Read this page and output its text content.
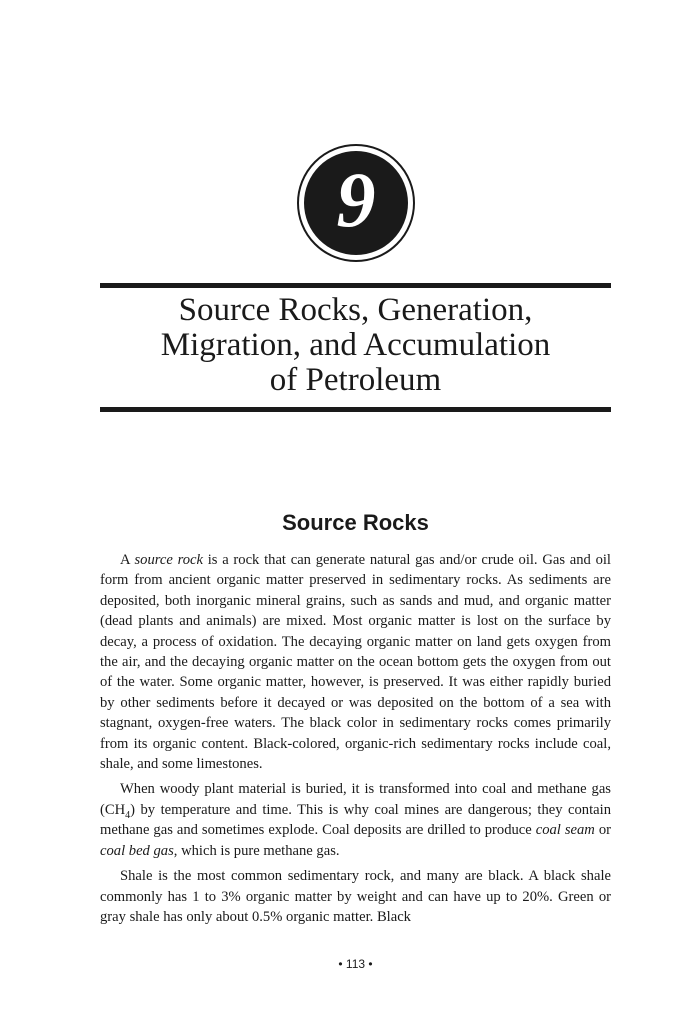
9
Source Rocks, Generation,
Migration, and Accumulation
of Petroleum
Source Rocks

A source rock is a rock that can generate natural gas and/or crude oil. Gas and oil form from ancient organic matter preserved in sedimentary rocks. As sediments are deposited, both inorganic mineral grains, such as sands and mud, and organic matter (dead plants and animals) are mixed. Most organic matter is lost on the surface by decay, a process of oxidation. The decaying organic matter on land gets oxygen from the air, and the decaying organic matter on the ocean bottom gets the oxygen from out of the water. Some organic matter, however, is preserved. It was either rapidly buried by other sediments before it decayed or was deposited on the bottom of a sea with stagnant, oxygen-free waters. The black color in sedimentary rocks comes primarily from its organic content. Black-colored, organic-rich sedimentary rocks include coal, shale, and some limestones.

When woody plant material is buried, it is transformed into coal and methane gas $(CH_4)$ by temperature and time. This is why coal mines are dangerous; they contain methane gas and sometimes explode. Coal deposits are drilled to produce coal seam or coal bed gas, which is pure methane gas.

Shale is the most common sedimentary rock, and many are black. A black shale commonly has 1 to 3% organic matter by weight and can have up to 20%. Green or gray shale has only about 0.5% organic matter. Black

• 113 •
